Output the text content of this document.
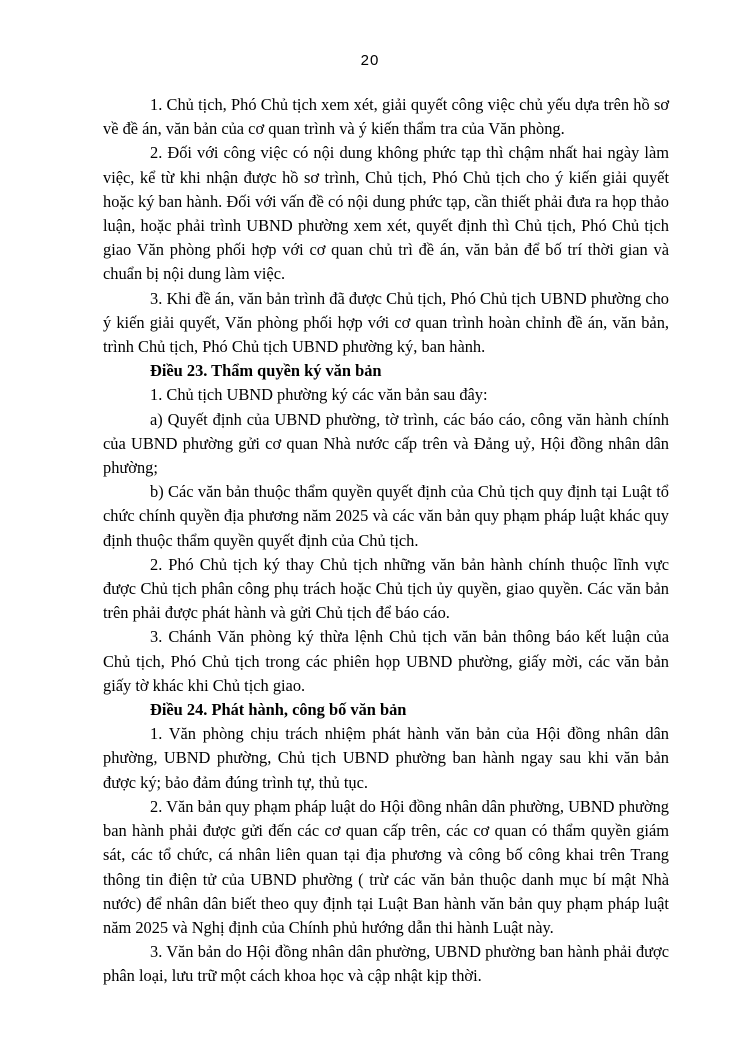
20

1. Chủ tịch, Phó Chủ tịch xem xét, giải quyết công việc chủ yếu dựa trên hồ sơ về đề án, văn bản của cơ quan trình và ý kiến thẩm tra của Văn phòng.

2. Đối với công việc có nội dung không phức tạp thì chậm nhất hai ngày làm việc, kể từ khi nhận được hồ sơ trình, Chủ tịch, Phó Chủ tịch cho ý kiến giải quyết hoặc ký ban hành. Đối với vấn đề có nội dung phức tạp, cần thiết phải đưa ra họp thảo luận, hoặc phải trình UBND phường xem xét, quyết định thì Chủ tịch, Phó Chủ tịch giao Văn phòng phối hợp với cơ quan chủ trì đề án, văn bản để bố trí thời gian và chuẩn bị nội dung làm việc.

3. Khi đề án, văn bản trình đã được Chủ tịch, Phó Chủ tịch UBND phường cho ý kiến giải quyết, Văn phòng phối hợp với cơ quan trình hoàn chỉnh đề án, văn bản, trình Chủ tịch, Phó Chủ tịch UBND phường ký, ban hành.

Điều 23. Thẩm quyền ký văn bản

1. Chủ tịch UBND phường ký các văn bản sau đây:

a) Quyết định của UBND phường, tờ trình, các báo cáo, công văn hành chính của UBND phường gửi cơ quan Nhà nước cấp trên và Đảng uỷ, Hội đồng nhân dân phường;

b) Các văn bản thuộc thẩm quyền quyết định của Chủ tịch quy định tại Luật tổ chức chính quyền địa phương năm 2025 và các văn bản quy phạm pháp luật khác quy định thuộc thẩm quyền quyết định của Chủ tịch.

2. Phó Chủ tịch ký thay Chủ tịch những văn bản hành chính thuộc lĩnh vực được Chủ tịch phân công phụ trách hoặc Chủ tịch ủy quyền, giao quyền. Các văn bản trên phải được phát hành và gửi Chủ tịch để báo cáo.

3. Chánh Văn phòng ký thừa lệnh Chủ tịch văn bản thông báo kết luận của Chủ tịch, Phó Chủ tịch trong các phiên họp UBND phường, giấy mời, các văn bản giấy tờ khác khi Chủ tịch giao.

Điều 24. Phát hành, công bố văn bản

1. Văn phòng chịu trách nhiệm phát hành văn bản của Hội đồng nhân dân phường, UBND phường, Chủ tịch UBND phường ban hành ngay sau khi văn bản được ký; bảo đảm đúng trình tự, thủ tục.

2. Văn bản quy phạm pháp luật do Hội đồng nhân dân phường, UBND phường ban hành phải được gửi đến các cơ quan cấp trên, các cơ quan có thẩm quyền giám sát, các tổ chức, cá nhân liên quan tại địa phương và công bố công khai trên Trang thông tin điện tử của UBND phường ( trừ các văn bản thuộc danh mục bí mật Nhà nước) để nhân dân biết theo quy định tại Luật Ban hành văn bản quy phạm pháp luật năm 2025 và Nghị định của Chính phủ hướng dẫn thi hành Luật này.

3. Văn bản do Hội đồng nhân dân phường, UBND phường ban hành phải được phân loại, lưu trữ một cách khoa học và cập nhật kịp thời.
